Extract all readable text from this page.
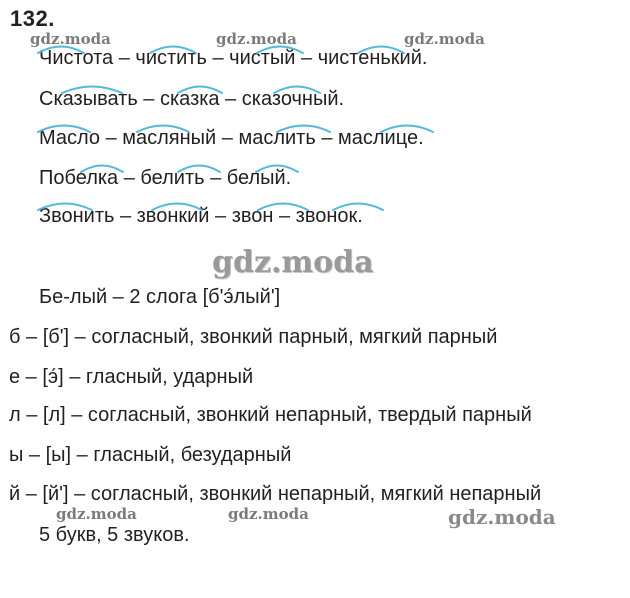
132.
gdz.moda	gdz.moda	gdz.moda
gdz.moda
gdz.moda	gdz.moda	gdz.moda
Чистота – чистить – чистый – чистенький.
Сказывать – сказка – сказочный.
Масло – масляный – маслить – маслице.
Побелка – белить – белый.
Звонить – звонкий – звон – звонок.
Бе-лый – 2 слога [б'э́лый']
б – [б'] – согласный, звонкий парный, мягкий парный
е – [э́] – гласный, ударный
л – [л] – согласный, звонкий непарный, твердый парный
ы – [ы] – гласный, безударный
й – [й'] – согласный, звонкий непарный, мягкий непарный
5 букв, 5 звуков.
